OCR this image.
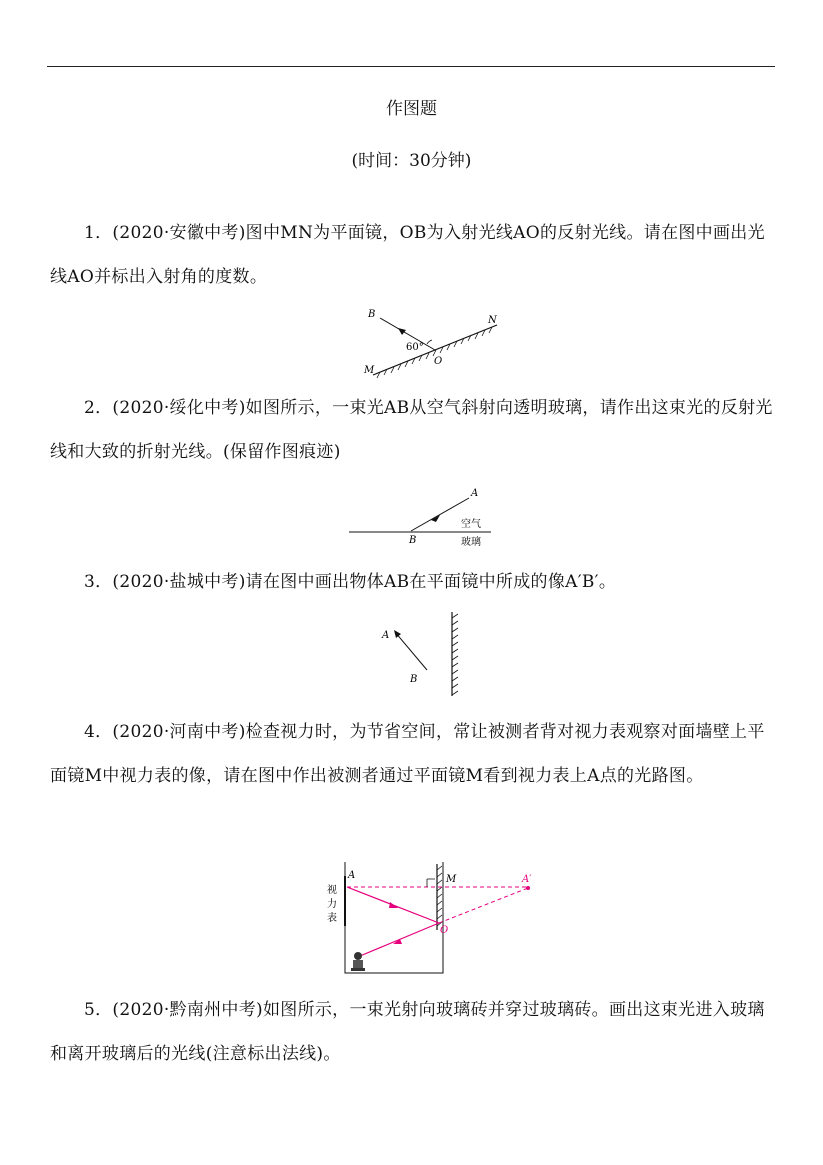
作图题
(时间：30分钟)

1．(2020·安徽中考)图中MN为平面镜，OB为入射光线AO的反射光线。请在图中画出光线AO并标出入射角的度数。

B
N
M
O
60°

2．(2020·绥化中考)如图所示，一束光AB从空气斜射向透明玻璃，请作出这束光的反射光线和大致的折射光线。(保留作图痕迹)

A
B
空气
玻璃

3．(2020·盐城中考)请在图中画出物体AB在平面镜中所成的像A′B′。

A
B

4．(2020·河南中考)检查视力时，为节省空间，常让被测者背对视力表观察对面墙壁上平面镜M中视力表的像，请在图中作出被测者通过平面镜M看到视力表上A点的光路图。

视
力
表
A	M	A′
O

5．(2020·黔南州中考)如图所示，一束光射向玻璃砖并穿过玻璃砖。画出这束光进入玻璃和离开玻璃后的光线(注意标出法线)。
